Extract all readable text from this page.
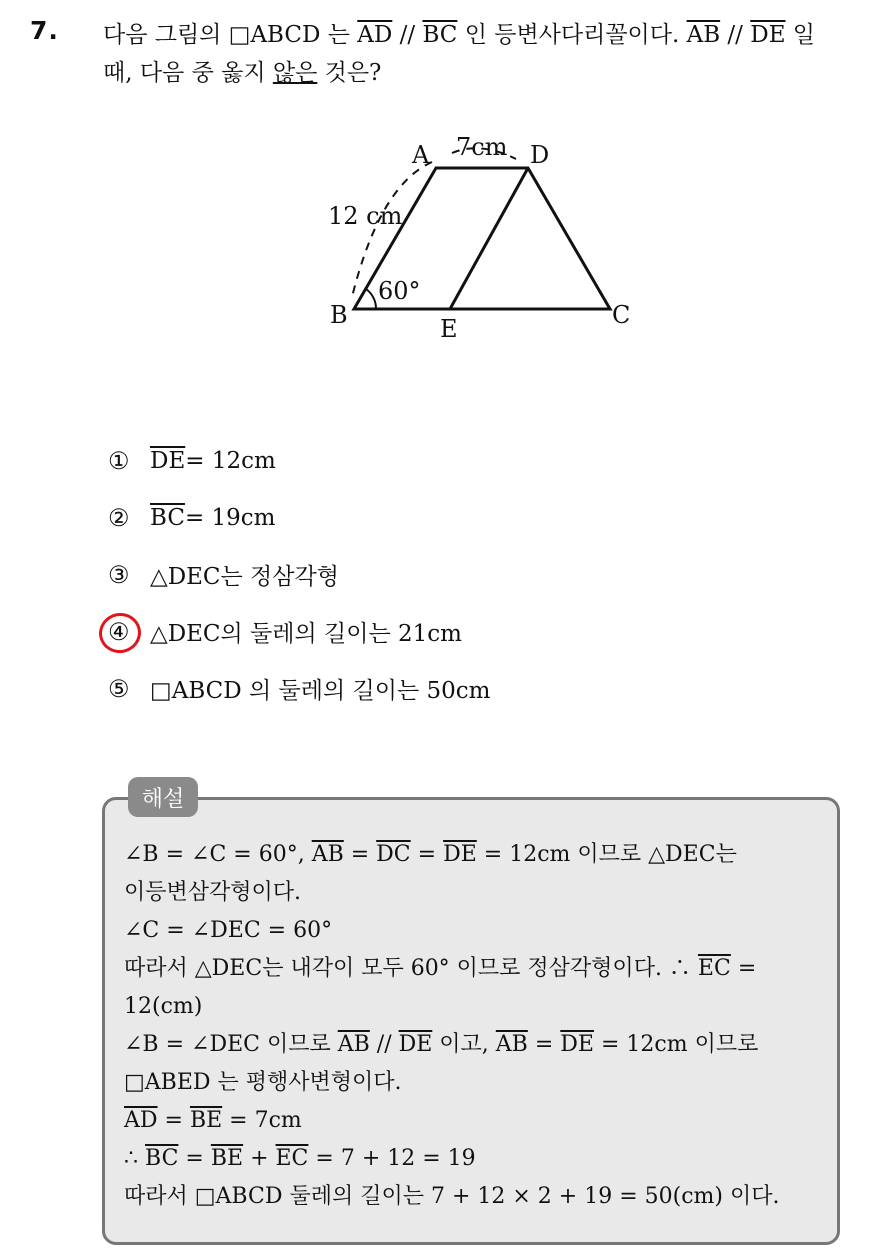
7. 다음 그림의 □ABCD 는 $\overline{AD} // \overline{BC}$ 인 등변사다리꼴이다. $\overline{AB} // \overline{DE}$ 일
때, 다음 중 옳지 않은 것은?
A	D
B	E	C
7cm
12 cm
60°
① $\overline{DE} = 12cm$
② $\overline{BC} = 19cm$
③ △DEC는 정삼각형
④ △DEC의 둘레의 길이는 21cm
⑤ □ABCD 의 둘레의 길이는 50cm
해설
∠B = ∠C = 60°, $\overline{AB} = \overline{DC} = \overline{DE} = 12cm$ 이므로 △DEC는
이등변삼각형이다.
∠C = ∠DEC = 60°
따라서 △DEC는 내각이 모두 60° 이므로 정삼각형이다. ∴ $\overline{EC}$ =
12(cm)
∠B = ∠DEC 이므로 $\overline{AB} // \overline{DE}$ 이고, $\overline{AB} = \overline{DE} = 12cm$ 이므로
□ABED 는 평행사변형이다.
$\overline{AD} = \overline{BE} = 7cm$
∴ $\overline{BC} = \overline{BE} + \overline{EC} = 7 + 12 = 19$
따라서 □ABCD 둘레의 길이는 7 + 12 × 2 + 19 = 50(cm) 이다.
